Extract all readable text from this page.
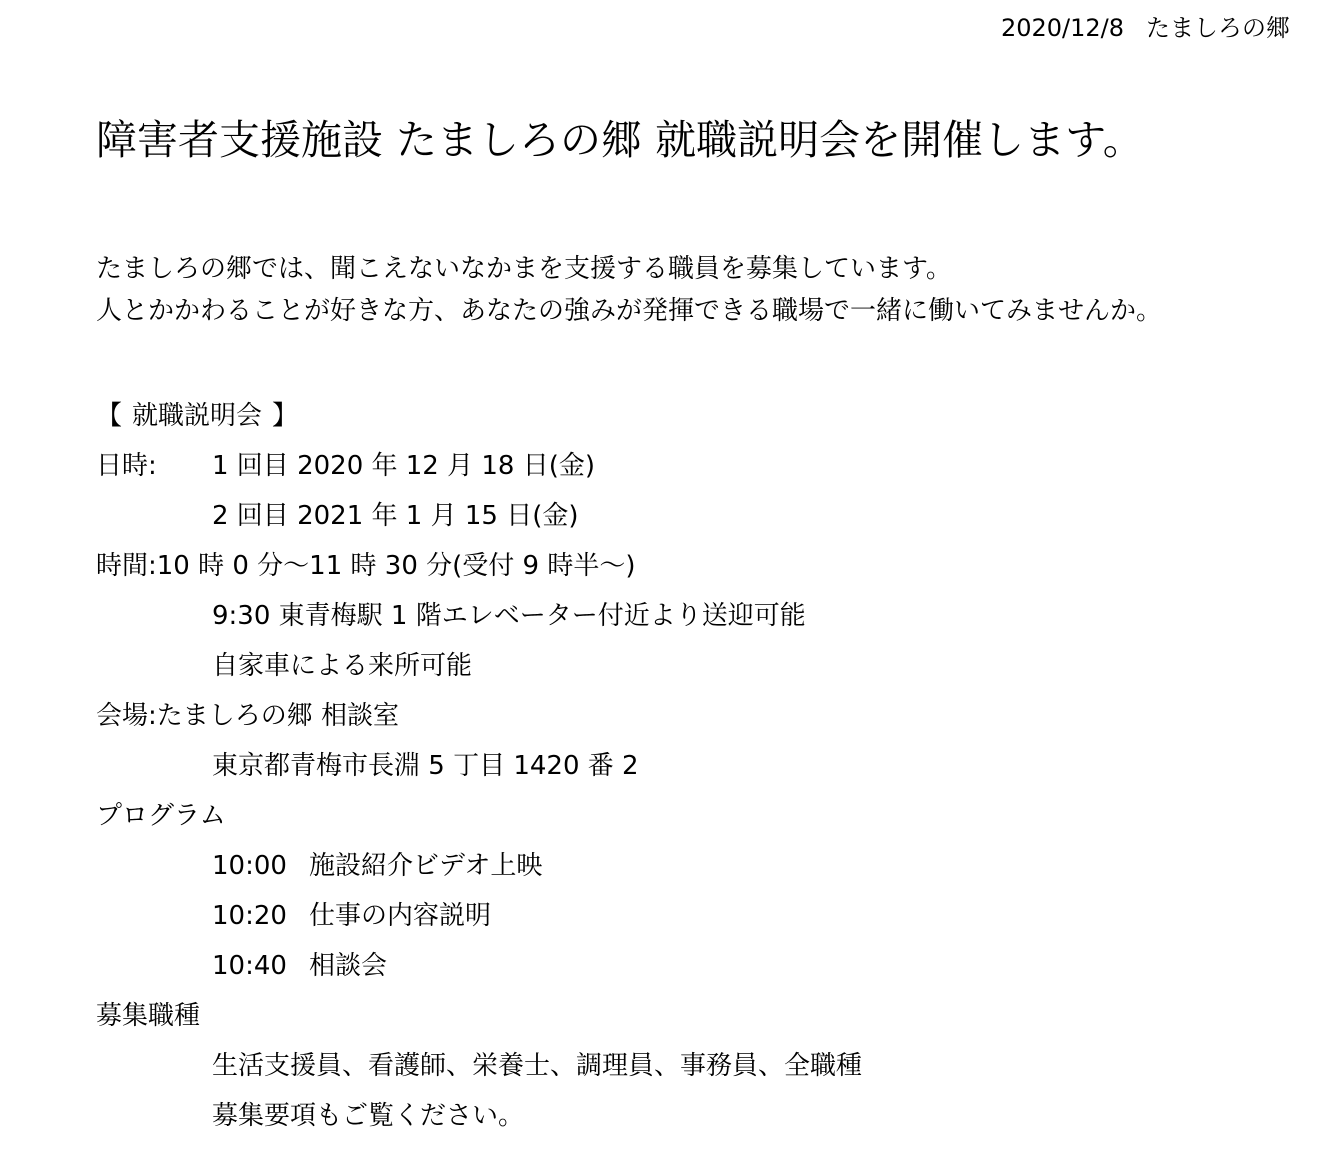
2020/12/8 たましろの郷
障害者支援施設 たましろの郷 就職説明会を開催します。

たましろの郷では、聞こえないなかまを支援する職員を募集しています。

人とかかわることが好きな方、あなたの強みが発揮できる職場で一緒に働いてみませんか。

【 就職説明会 】
日時: 1 回目 2020 年 12 月 18 日(金)
2 回目 2021 年 1 月 15 日(金)
時間:10 時 0 分～11 時 30 分(受付 9 時半～)
9:30 東青梅駅 1 階エレベーター付近より送迎可能
自家車による来所可能
会場:たましろの郷 相談室
東京都青梅市長淵 5 丁目 1420 番 2
プログラム
10:00 施設紹介ビデオ上映
10:20 仕事の内容説明
10:40 相談会
募集職種
生活支援員、看護師、栄養士、調理員、事務員、全職種
募集要項もご覧ください。
